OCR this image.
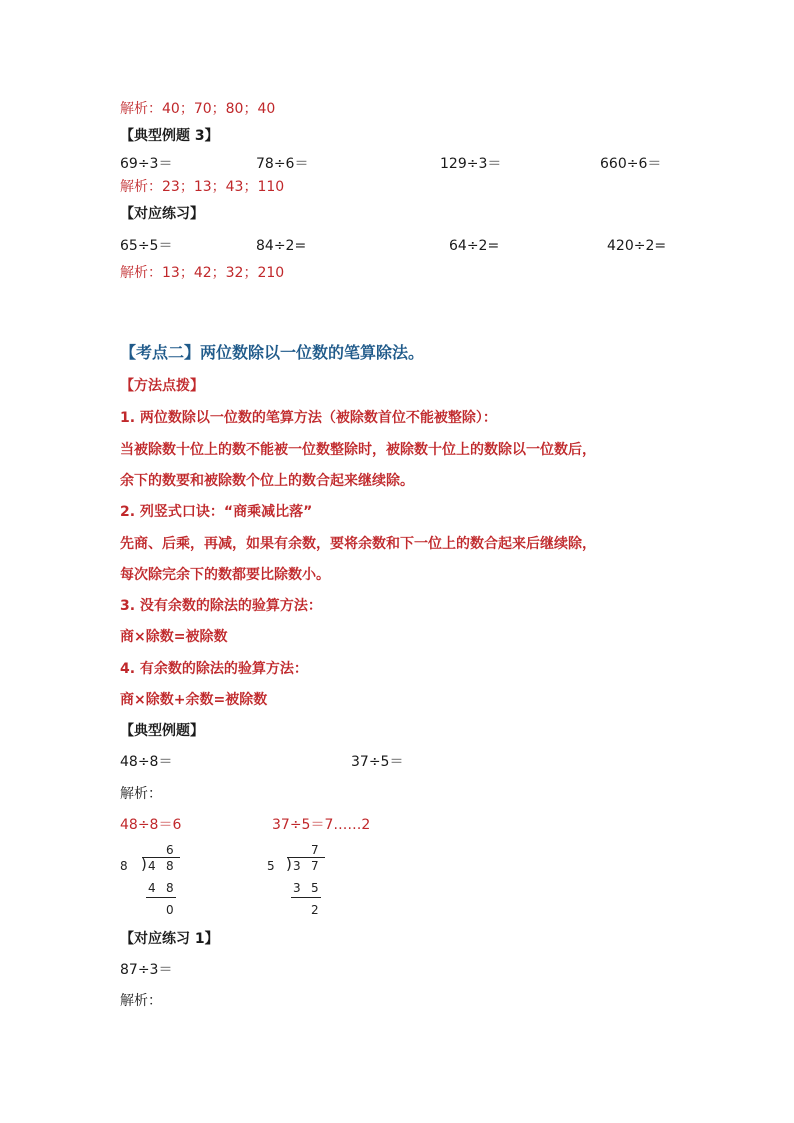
解析：40；70；80；40
【典型例题 3】
69÷3＝	78÷6＝	129÷3＝	660÷6＝
解析：23；13；43；110
【对应练习】
65÷5＝	84÷2=	64÷2=	420÷2=
解析：13；42；32；210
【考点二】两位数除以一位数的笔算除法。
【方法点拨】
1. 两位数除以一位数的笔算方法（被除数首位不能被整除）：
当被除数十位上的数不能被一位数整除时，被除数十位上的数除以一位数后，
余下的数要和被除数个位上的数合起来继续除。
2. 列竖式口诀：“商乘减比落”
先商、后乘，再减，如果有余数，要将余数和下一位上的数合起来后继续除，
每次除完余下的数都要比除数小。
3. 没有余数的除法的验算方法：
商×除数=被除数
4. 有余数的除法的验算方法：
商×除数+余数=被除数
【典型例题】
48÷8＝	37÷5＝
解析：
48÷8＝6	37÷5＝7……2
6
8 ) 4 8
4 8
0
7
5 ) 3 7
3 5
2
【对应练习 1】
87÷3＝
解析：
